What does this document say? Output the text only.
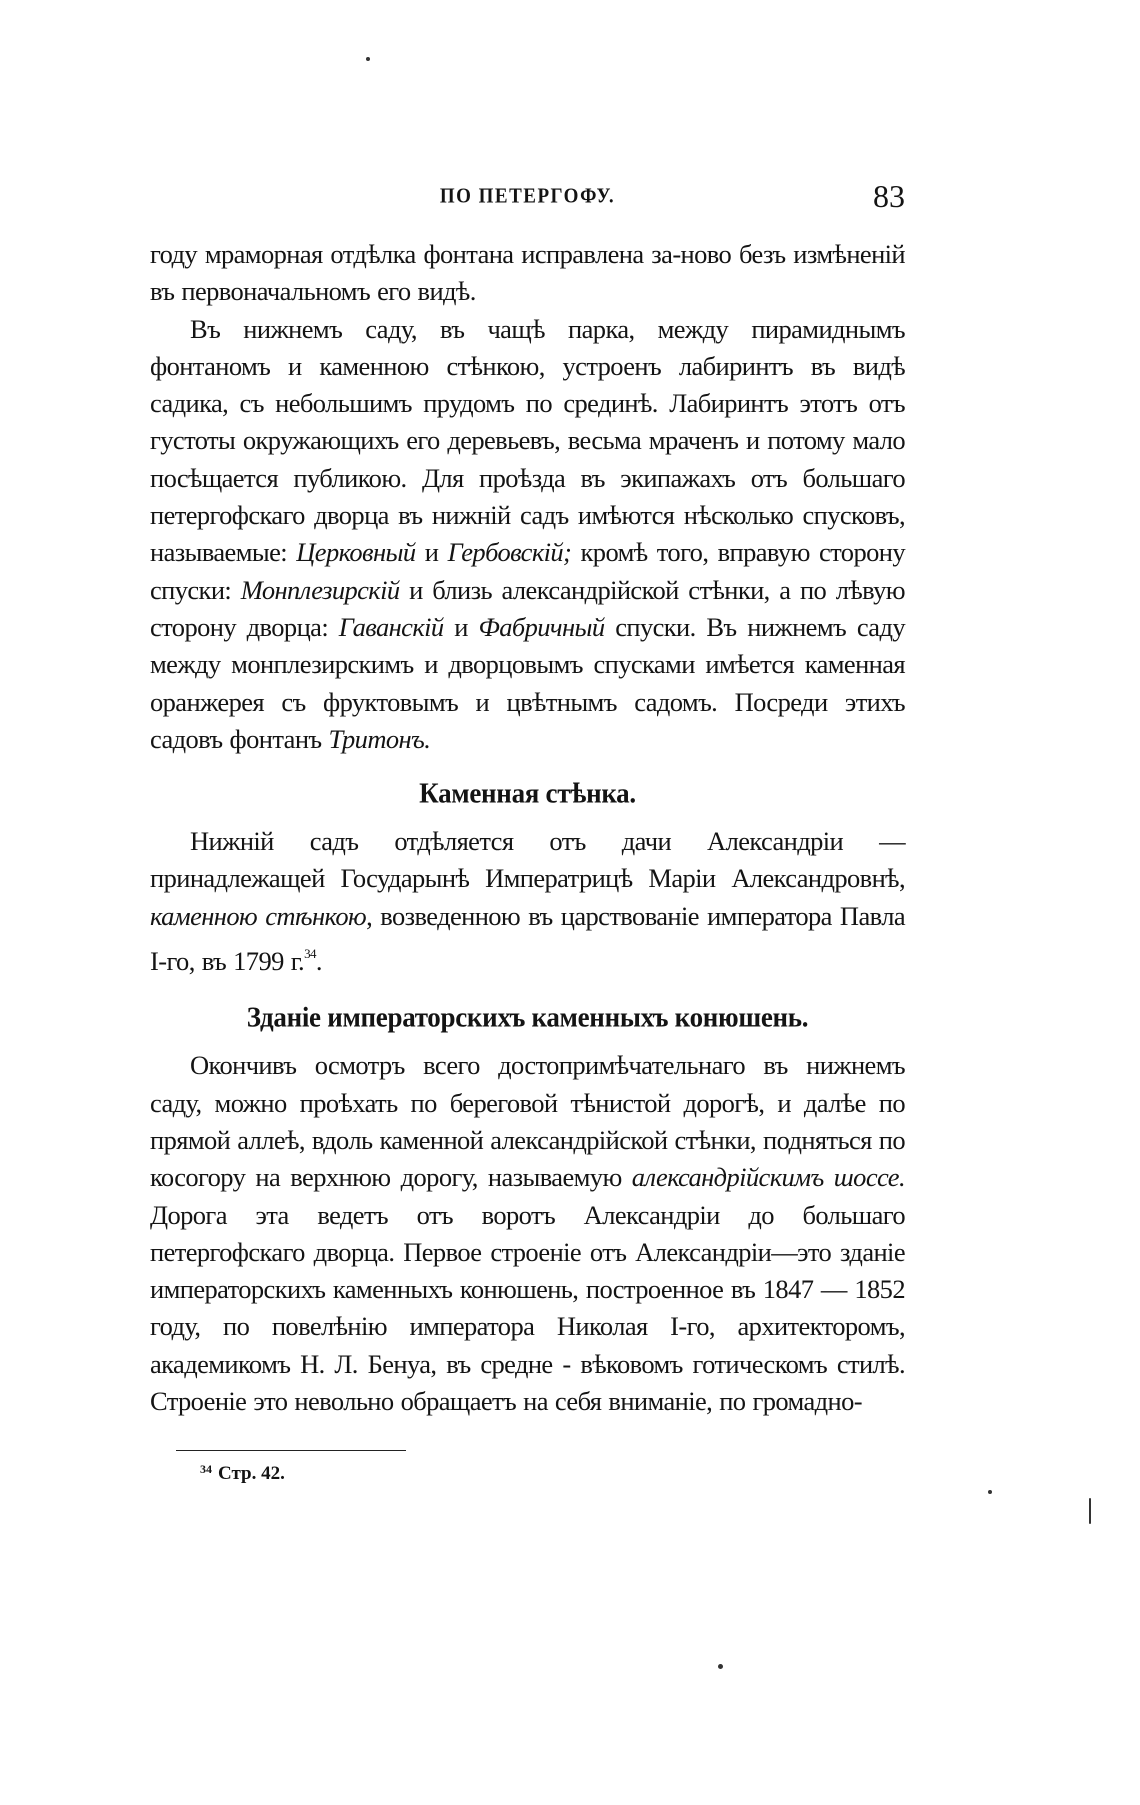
ПО ПЕТЕРГОФУ.	83

году мраморная отдѣлка фонтана исправлена за-ново безъ измѣненій въ первоначальномъ его видѣ.

Въ нижнемъ саду, въ чащѣ парка, между пирамиднымъ фонтаномъ и каменною стѣнкою, устроенъ лабиринтъ въ видѣ садика, съ небольшимъ прудомъ по срединѣ. Лабиринтъ этотъ отъ густоты окружающихъ его деревьевъ, весьма мраченъ и потому мало посѣщается публикою. Для проѣзда въ экипажахъ отъ большаго петергофскаго дворца въ нижній садъ имѣются нѣсколько спусковъ, называемые: Церковный и Гербовскій; кромѣ того, вправую сторону спуски: Монплезирскій и близь александрійской стѣнки, а по лѣвую сторону дворца: Гаванскій и Фабричный спуски. Въ нижнемъ саду между монплезирскимъ и дворцовымъ спусками имѣется каменная оранжерея съ фруктовымъ и цвѣтнымъ садомъ. Посреди этихъ садовъ фонтанъ Тритонъ.

Каменная стѣнка.

Нижній садъ отдѣляется отъ дачи Александріи — принадлежащей Государынѣ Императрицѣ Маріи Александровнѣ, каменною стѣнкою, возведенною въ царствованіе императора Павла I-го, въ 1799 г.$^{34}$.

Зданіе императорскихъ каменныхъ конюшень.

Окончивъ осмотръ всего достопримѣчательнаго въ нижнемъ саду, можно проѣхать по береговой тѣнистой дорогѣ, и далѣе по прямой аллеѣ, вдоль каменной александрійской стѣнки, подняться по косогору на верхнюю дорогу, называемую александрійскимъ шоссе. Дорога эта ведетъ отъ воротъ Александріи до большаго петергофскаго дворца. Первое строеніе отъ Александріи—это зданіе императорскихъ каменныхъ конюшень, построенное въ 1847 — 1852 году, по повелѣнію императора Николая I-го, архитекторомъ, академикомъ Н. Л. Бенуа, въ средне - вѣковомъ готическомъ стилѣ. Строеніе это невольно обращаетъ на себя вниманіе, по громадно-

$^{34}$ Стр. 42.
